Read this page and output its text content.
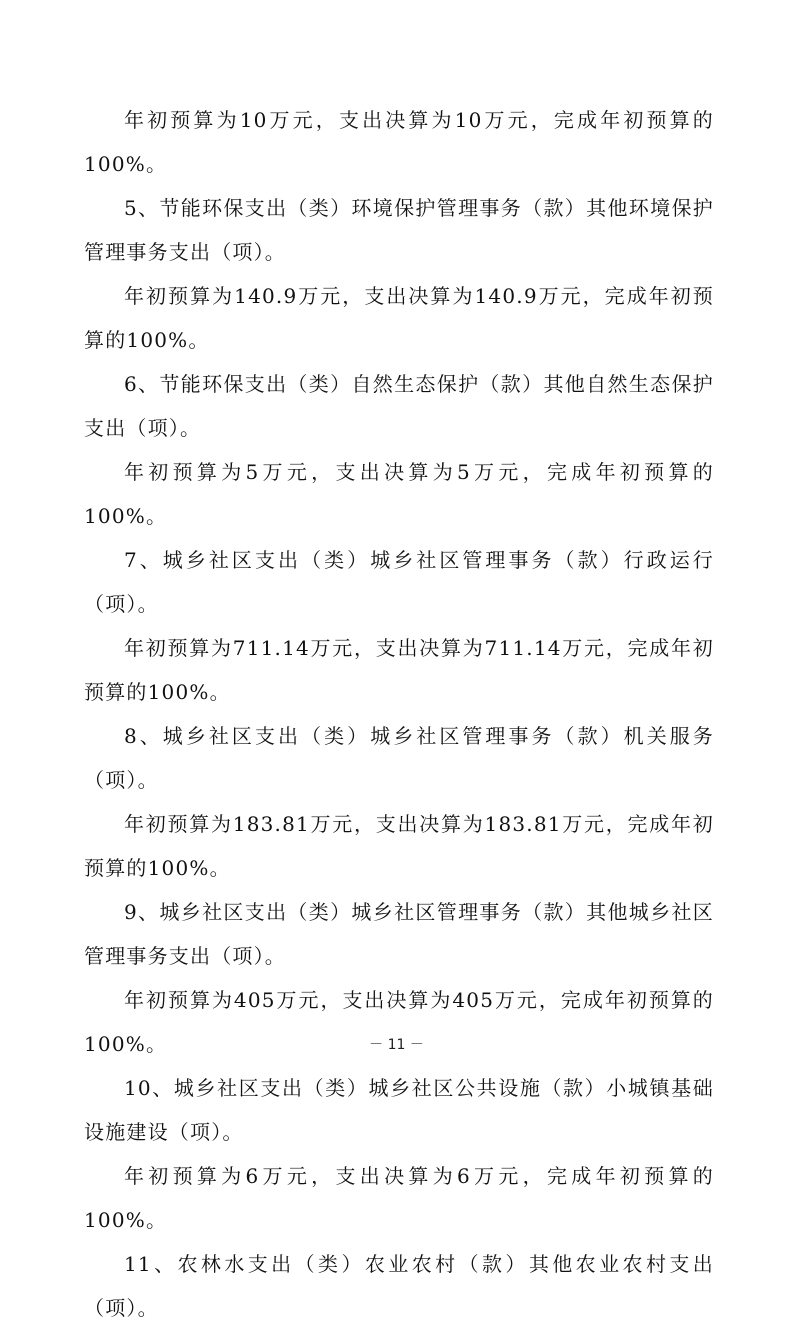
年初预算为10万元，支出决算为10万元，完成年初预算的100%。

5、节能环保支出（类）环境保护管理事务（款）其他环境保护管理事务支出（项）。

年初预算为140.9万元，支出决算为140.9万元，完成年初预算的100%。

6、节能环保支出（类）自然生态保护（款）其他自然生态保护支出（项）。

年初预算为5万元，支出决算为5万元，完成年初预算的100%。

7、城乡社区支出（类）城乡社区管理事务（款）行政运行（项）。

年初预算为711.14万元，支出决算为711.14万元，完成年初预算的100%。

8、城乡社区支出（类）城乡社区管理事务（款）机关服务（项）。

年初预算为183.81万元，支出决算为183.81万元，完成年初预算的100%。

9、城乡社区支出（类）城乡社区管理事务（款）其他城乡社区管理事务支出（项）。

年初预算为405万元，支出决算为405万元，完成年初预算的100%。

10、城乡社区支出（类）城乡社区公共设施（款）小城镇基础设施建设（项）。

年初预算为6万元，支出决算为6万元，完成年初预算的100%。

11、农林水支出（类）农业农村（款）其他农业农村支出（项）。

－ 11 －
